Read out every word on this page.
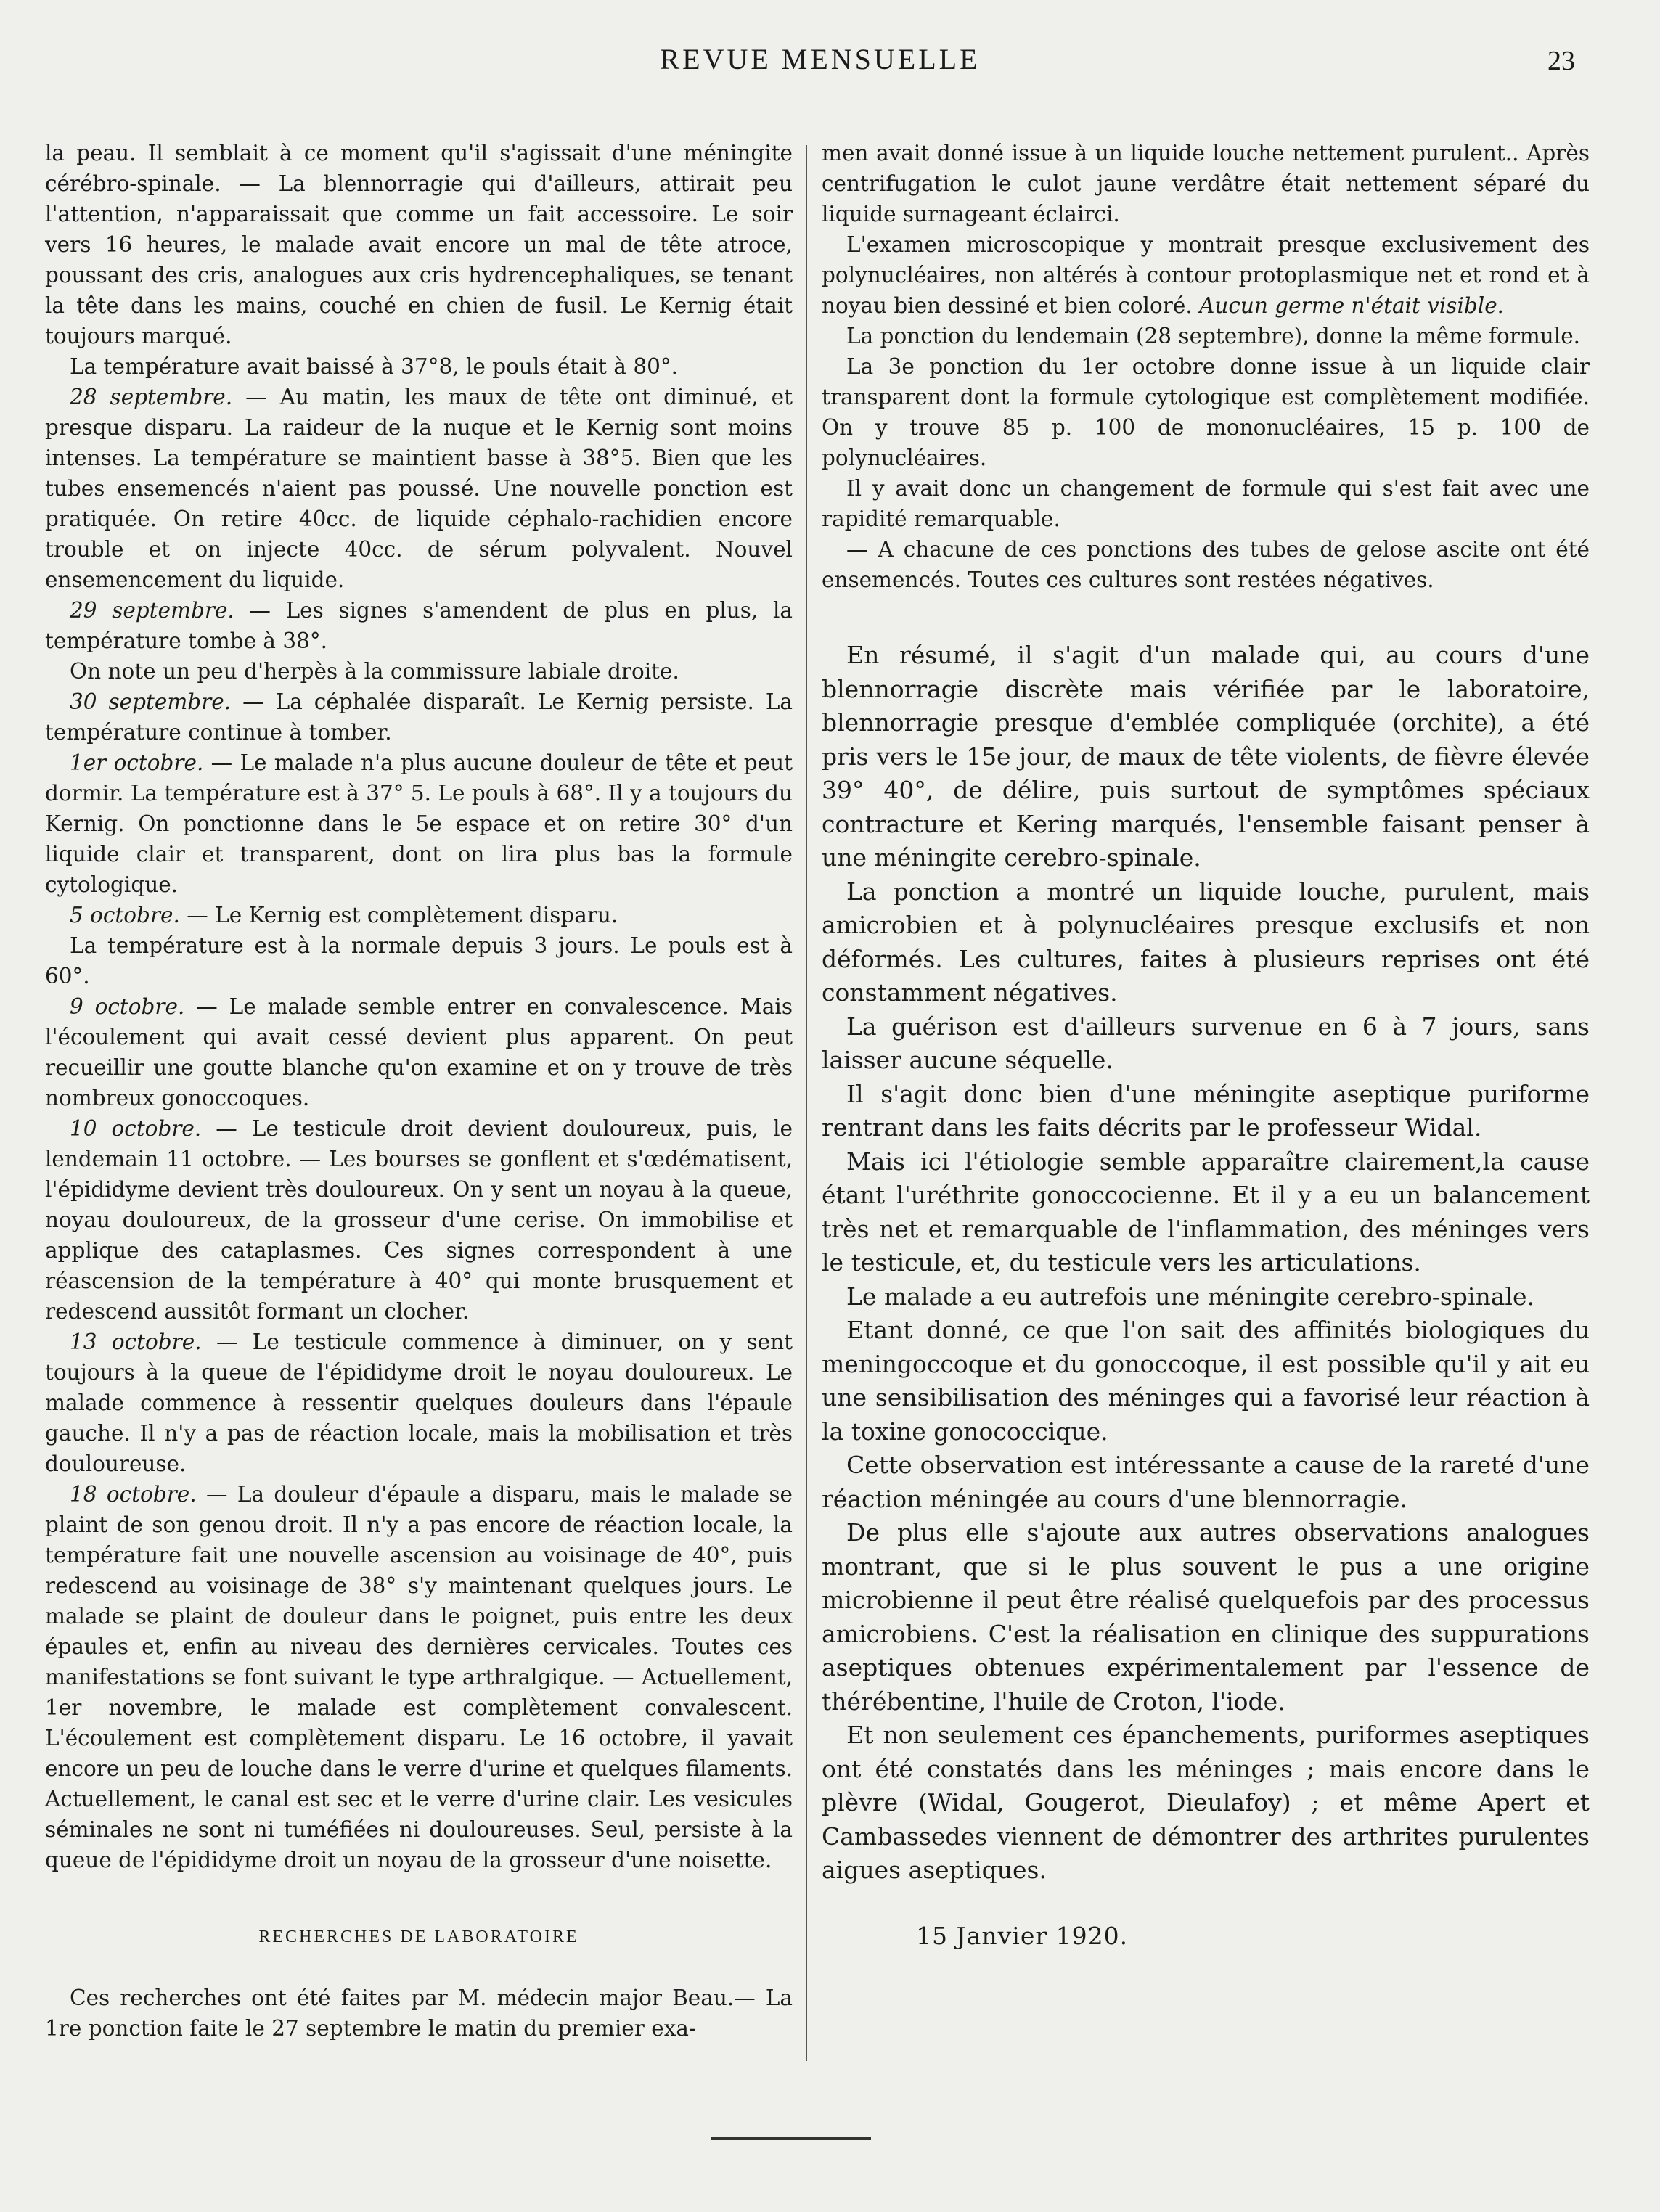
REVUE MENSUELLE	23

la peau. Il semblait à ce moment qu'il s'agissait d'une méningite cérébro-spinale. — La blennorragie qui d'ailleurs, attirait peu l'attention, n'apparaissait que comme un fait accessoire. Le soir vers 16 heures, le malade avait encore un mal de tête atroce, poussant des cris, analogues aux cris hydrencephaliques, se tenant la tête dans les mains, couché en chien de fusil. Le Kernig était toujours marqué.

La température avait baissé à 37°8, le pouls était à 80°.

28 septembre. — Au matin, les maux de tête ont diminué, et presque disparu. La raideur de la nuque et le Kernig sont moins intenses. La température se maintient basse à 38°5. Bien que les tubes ensemencés n'aient pas poussé. Une nouvelle ponction est pratiquée. On retire 40cc. de liquide céphalo-rachidien encore trouble et on injecte 40cc. de sérum polyvalent. Nouvel ensemencement du liquide.

29 septembre. — Les signes s'amendent de plus en plus, la température tombe à 38°.

On note un peu d'herpès à la commissure labiale droite.

30 septembre. — La céphalée disparaît. Le Kernig persiste. La température continue à tomber.

1er octobre. — Le malade n'a plus aucune douleur de tête et peut dormir. La température est à 37° 5. Le pouls à 68°. Il y a toujours du Kernig. On ponctionne dans le 5e espace et on retire 30° d'un liquide clair et transparent, dont on lira plus bas la formule cytologique.

5 octobre. — Le Kernig est complètement disparu.

La température est à la normale depuis 3 jours. Le pouls est à 60°.

9 octobre. — Le malade semble entrer en convalescence. Mais l'écoulement qui avait cessé devient plus apparent. On peut recueillir une goutte blanche qu'on examine et on y trouve de très nombreux gonoccoques.

10 octobre. — Le testicule droit devient douloureux, puis, le lendemain 11 octobre. — Les bourses se gonflent et s'œdématisent, l'épididyme devient très douloureux. On y sent un noyau à la queue, noyau douloureux, de la grosseur d'une cerise. On immobilise et applique des cataplasmes. Ces signes correspondent à une réascension de la température à 40° qui monte brusquement et redescend aussitôt formant un clocher.

13 octobre. — Le testicule commence à diminuer, on y sent toujours à la queue de l'épididyme droit le noyau douloureux. Le malade commence à ressentir quelques douleurs dans l'épaule gauche. Il n'y a pas de réaction locale, mais la mobilisation et très douloureuse.

18 octobre. — La douleur d'épaule a disparu, mais le malade se plaint de son genou droit. Il n'y a pas encore de réaction locale, la température fait une nouvelle ascension au voisinage de 40°, puis redescend au voisinage de 38° s'y maintenant quelques jours. Le malade se plaint de douleur dans le poignet, puis entre les deux épaules et, enfin au niveau des dernières cervicales. Toutes ces manifestations se font suivant le type arthralgique. — Actuellement, 1er novembre, le malade est complètement convalescent. L'écoulement est complètement disparu. Le 16 octobre, il yavait encore un peu de louche dans le verre d'urine et quelques filaments. Actuellement, le canal est sec et le verre d'urine clair. Les vesicules séminales ne sont ni tuméfiées ni douloureuses. Seul, persiste à la queue de l'épididyme droit un noyau de la grosseur d'une noisette.

RECHERCHES DE LABORATOIRE

Ces recherches ont été faites par M. médecin major Beau.— La 1re ponction faite le 27 septembre le matin du premier exa-

men avait donné issue à un liquide louche nettement purulent.. Après centrifugation le culot jaune verdâtre était nettement séparé du liquide surnageant éclairci.

L'examen microscopique y montrait presque exclusivement des polynucléaires, non altérés à contour protoplasmique net et rond et à noyau bien dessiné et bien coloré. Aucun germe n'était visible.

La ponction du lendemain (28 septembre), donne la même formule.

La 3e ponction du 1er octobre donne issue à un liquide clair transparent dont la formule cytologique est complètement modifiée. On y trouve 85 p. 100 de mononucléaires, 15 p. 100 de polynucléaires.

Il y avait donc un changement de formule qui s'est fait avec une rapidité remarquable.

— A chacune de ces ponctions des tubes de gelose ascite ont été ensemencés. Toutes ces cultures sont restées négatives.

En résumé, il s'agit d'un malade qui, au cours d'une blennorragie discrète mais vérifiée par le laboratoire, blennorragie presque d'emblée compliquée (orchite), a été pris vers le 15e jour, de maux de tête violents, de fièvre élevée 39° 40°, de délire, puis surtout de symptômes spéciaux contracture et Kering marqués, l'ensemble faisant penser à une méningite cerebro-spinale.

La ponction a montré un liquide louche, purulent, mais amicrobien et à polynucléaires presque exclusifs et non déformés. Les cultures, faites à plusieurs reprises ont été constamment négatives.

La guérison est d'ailleurs survenue en 6 à 7 jours, sans laisser aucune séquelle.

Il s'agit donc bien d'une méningite aseptique puriforme rentrant dans les faits décrits par le professeur Widal.

Mais ici l'étiologie semble apparaître clairement,la cause étant l'uréthrite gonoccocienne. Et il y a eu un balancement très net et remarquable de l'inflammation, des méninges vers le testicule, et, du testicule vers les articulations.

Le malade a eu autrefois une méningite cerebro-spinale.

Etant donné, ce que l'on sait des affinités biologiques du meningoccoque et du gonoccoque, il est possible qu'il y ait eu une sensibilisation des méninges qui a favorisé leur réaction à la toxine gonococcique.

Cette observation est intéressante a cause de la rareté d'une réaction méningée au cours d'une blennorragie.

De plus elle s'ajoute aux autres observations analogues montrant, que si le plus souvent le pus a une origine microbienne il peut être réalisé quelquefois par des processus amicrobiens. C'est la réalisation en clinique des suppurations aseptiques obtenues expérimentalement par l'essence de thérébentine, l'huile de Croton, l'iode.

Et non seulement ces épanchements, puriformes aseptiques ont été constatés dans les méninges ; mais encore dans le plèvre (Widal, Gougerot, Dieulafoy) ; et même Apert et Cambassedes viennent de démontrer des arthrites purulentes aigues aseptiques.

15 Janvier 1920.
